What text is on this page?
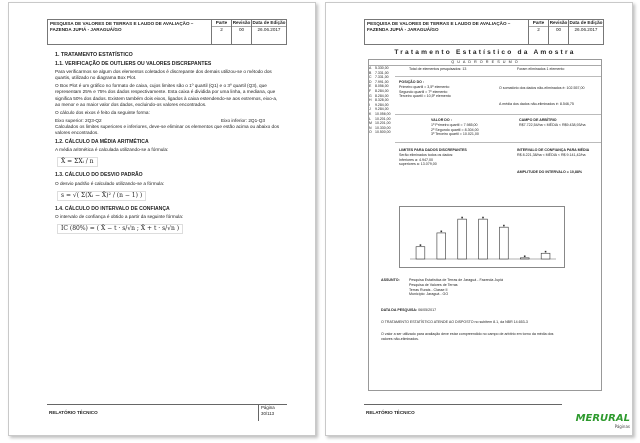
PESQUISA DE VALORES DE TERRAS E LAUDO DE AVALIAÇÃO – FAZENDA JUPIÁ - JARAGUÁ/GO
Parte
2
Revisão
00
Data de Edição
26.06.2017
1. TRATAMENTO ESTATÍSTICO
1.1. VERIFICAÇÃO DE OUTLIERS OU VALORES DISCREPANTES

Para verificarmos se algum dos elementos coletados é discrepante dos demais utilizou-se o método dos quartis, utilizado no diagrama Box Plot.

O Box Plot é um gráfico no formato de caixa, cujos limites são o 1º quartil (Q1) e o 3º quartil (Q3), que representam 25% e 75% dos dados respectivamente. Esta caixa é dividida por uma linha, a mediana, que significa 50% dos dados. Existem também dois eixos, ligados à caixa estendendo-se aos extremos, eixo-a, ao menor e ao maior valor dos dados, excluindo-os valores encontrados.

O cálculo dos eixos é feito da seguinte forma:

Eixo superior: 2Q3-Q2	Eixo inferior: 2Q1-Q3

Calculados os limites superiores e inferiores, deve-se eliminar os elementos que estão acima ou abaixo dos valores encontrados.

1.2. CÁLCULO DA MÉDIA ARITMÉTICA

A média aritmética é calculada utilizando-se a fórmula:

X̄ = ΣXᵢ / n
1.3. CÁLCULO DO DESVIO PADRÃO

O desvio padrão é calculado utilizando-se a fórmula:

s = √( Σ(Xᵢ − X̄)² / (n − 1) )
1.4. CÁLCULO DO INTERVALO DE CONFIANÇA

O intervalo de confiança é obtido a partir da seguinte fórmula:

IC (80%) = ( X̄ − t · s/√n ; X̄ + t · s/√n )
RELATÓRIO TÉCNICO
Página
30/113
PESQUISA DE VALORES DE TERRAS E LAUDO DE AVALIAÇÃO – FAZENDA JUPIÁ - JARAGUÁ/GO
Parte
2
Revisão
00
Data de Edição
26.06.2017
Tratamento Estatístico da Amostra
Q U A D R O R E S U M O
A	5.330,00
B	7.331,00
C 7.331,00
D 7.991,00
E	8.056,00
F	8.284,00
G 8.284,00
H 8.328,00
I	9.284,00
J	9.284,00
K	10.056,00
L	10.201,00
M 10.201,00
N 10.330,00
O 10.500,00
Total de elementos pesquisados: 13	Foram eliminados 1 elemento
POSIÇÃO DO :
Primeiro quartil = 3,5º elemento
Segundo quartil = 7º elemento
Terceiro quartil = 10,5º elemento
O somatório dos dados não-eliminados é: 102.557,00
A média dos dados não-eliminados é: 8.546,75
VALOR DO :
1º Primeiro quartil = 7.985,00
2º Segundo quartil = 8.304,00
3º Terceiro quartil = 10.021,00
CAMPO DE ARBÍTRIO
R$7.722,54/ha < MÉDIA < R$9.438,93/ha
LIMITES PARA DADOS DISCREPANTES
Serão eliminados todos os dados:
Inferiores a: 4.947,00
superiores a: 13.079,00
INTERVALO DE CONFIANÇA PARA MÉDIA
R$ 8.221,38/ha < MÉDIA < R$ 9.141,42/ha
AMPLITUDE DO INTERVALO = 10,88%
ASSUNTO:	Pesquisa Estatística de Terras de Jaraguá - Fazenda Jupiá
Pesquisa de Valores de Terras
Terras Rurais - Classe II
Município: Jaraguá - GO
DATA DA PESQUISA: 06/05/2017
O TRATAMENTO ESTATÍSTICO ATENDE AO DISPOSTO no subitem 8.1, da NBR 14.653-3
O valor a ser utilizado para avaliação deve estar compreendido no campo de arbítrio em torno da média dos valores não-eliminados.
RELATÓRIO TÉCNICO
MERURAL
Páginas
